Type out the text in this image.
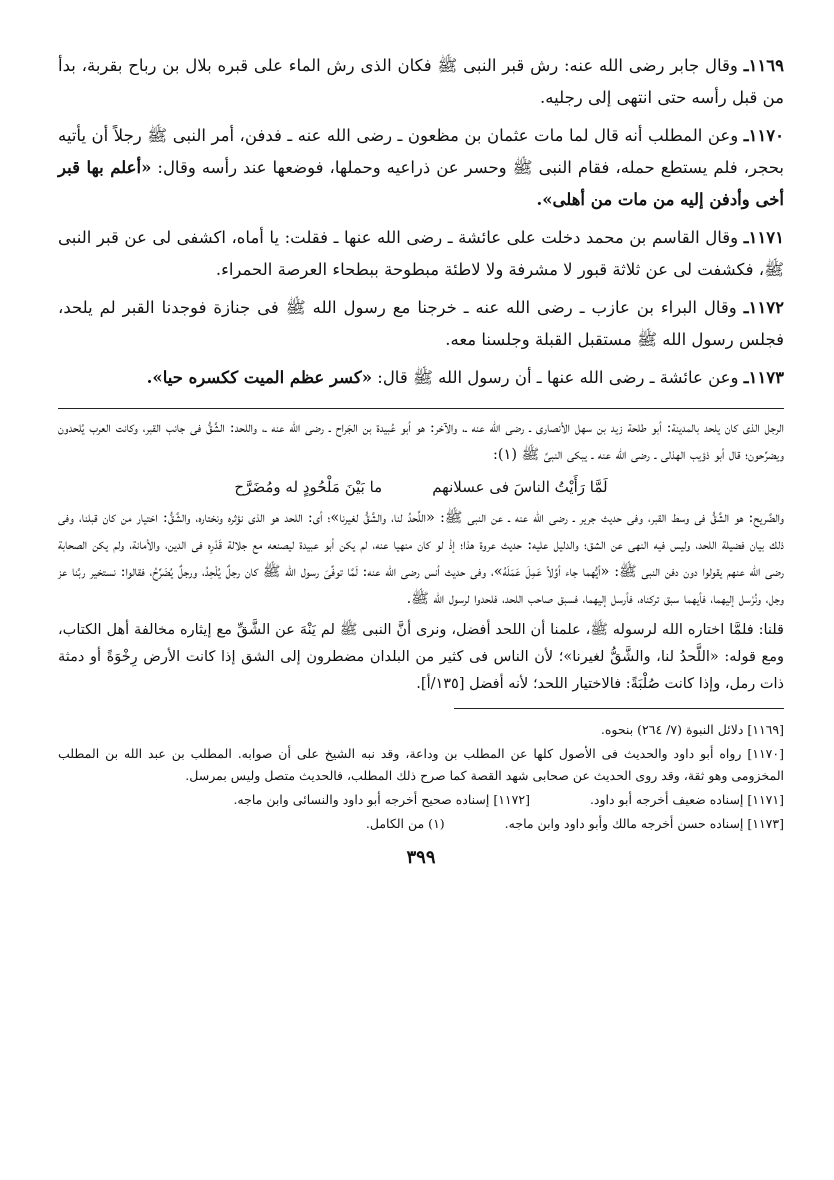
١١٦٩ـ وقال جابر رضى الله عنه: رش قبر النبى ﷺ فكان الذى رش الماء على قبره بلال بن رباح بقربة، بدأ من قبل رأسه حتى انتهى إلى رجليه.

١١٧٠ـ وعن المطلب أنه قال لما مات عثمان بن مظعون ـ رضى الله عنه ـ فدفن، أمر النبى ﷺ رجلاً أن يأتيه بحجر، فلم يستطع حمله، فقام النبى ﷺ وحسر عن ذراعيه وحملها، فوضعها عند رأسه وقال: «أعلم بها قبر أخى وأدفن إليه من مات من أهلى».

١١٧١ـ وقال القاسم بن محمد دخلت على عائشة ـ رضى الله عنها ـ فقلت: يا أماه، اكشفى لى عن قبر النبى ﷺ، فكشفت لى عن ثلاثة قبور لا مشرفة ولا لاطئة مبطوحة ببطحاء العرصة الحمراء.

١١٧٢ـ وقال البراء بن عازب ـ رضى الله عنه ـ خرجنا مع رسول الله ﷺ فى جنازة فوجدنا القبر لم يلحد، فجلس رسول الله ﷺ مستقبل القبلة وجلسنا معه.

١١٧٣ـ وعن عائشة ـ رضى الله عنها ـ أن رسول الله ﷺ قال: «كسر عظم الميت ككسره حيا».

الرجل الذى كان يلحد بالمدينة: أبو طلحة زيد بن سهل الأنصارى ـ رضى الله عنه ـ، والآخر: هو أبو عُبيدة بن الجَراح ـ رضى الله عنه ـ، واللحد: الشَّقُّ فى جانب القبر، وكانت العرب يُلحدون ويضرِّحون؛ قال أبو ذؤيب الهذلى ـ رضى الله عنه ـ يبكى النبىَّ ﷺ (١):

لَمَّا رَأَيْتُ الناسَ فى عسلانهم
ما بَيْنَ مَلْحُودٍ له ومُضَرَّح

والضَّريح: هو الشَّقُّ فى وسط القبر، وفى حديث جرير ـ رضى الله عنه ـ عن النبى ﷺ: «اللَّحدُ لنا، والشَّقُّ لغيرنا»؛ أى: اللحد هو الذى نؤثره ونختاره، والشَّقُّ: اختيار من كان قبلنا، وفى ذلك بيان فضيلة اللحد، وليس فيه النهى عن الشق؛ والدليل عليه: حديث عروة هذا؛ إذْ لو كان منهيا عنه، لم يكن أبو عبيدة ليصنعه مع جلالة قَدْرِه فى الدين، والأمانة، ولم يكن الصحابة رضى الله عنهم يقولوا دون دفن النبى ﷺ: «أيُّهما جاء أوَّلاً عَمِلَ عَمَلَهُ»، وفى حديث أنس رضى الله عنه: لَمَّا توفِّىَ رسول الله ﷺ كان رجلٌ يُلْحِدُ، ورجلٌ يُضَرِّحُ، فقالوا: نستخير ربَّنا عز وجل، ونُرْسل إليهما، فأيهما سبق تركناه، فأرسل إليهما، فسبق صاحب اللحد، فلحدوا لرسول الله ﷺ.

قلنا: فلمَّا اختاره الله لرسوله ﷺ، علمنا أن اللحد أفضل، ونرى أنَّ النبى ﷺ لم يَنْهَ عن الشَّقِّ مع إيثاره مخالفة أهل الكتاب، ومع قوله: «اللَّحدُ لنا، والشَّقُّ لغيرنا»؛ لأن الناس فى كثير من البلدان مضطرون إلى الشق إذا كانت الأرض رِخْوَةً أو دمثة ذات رمل، وإذا كانت صُلْبَةً: فالاختيار اللحد؛ لأنه أفضل [١٣٥/أ].

[١١٦٩] دلائل النبوة (٧/ ٢٦٤) بنحوه.

[١١٧٠] رواه أبو داود والحديث فى الأصول كلها عن المطلب بن وداعة، وقد نبه الشيخ على أن صوابه. المطلب بن عبد الله بن المطلب المخزومى وهو ثقة، وقد روى الحديث عن صحابى شهد القصة كما صرح ذلك المطلب، فالحديث متصل وليس بمرسل.

[١١٧١] إسناده ضعيف أخرجه أبو داود.
[١١٧٢] إسناده صحيح أخرجه أبو داود والنسائى وابن ماجه.
[١١٧٣] إسناده حسن أخرجه مالك وأبو داود وابن ماجه.
(١) من الكامل.
٣٩٩
